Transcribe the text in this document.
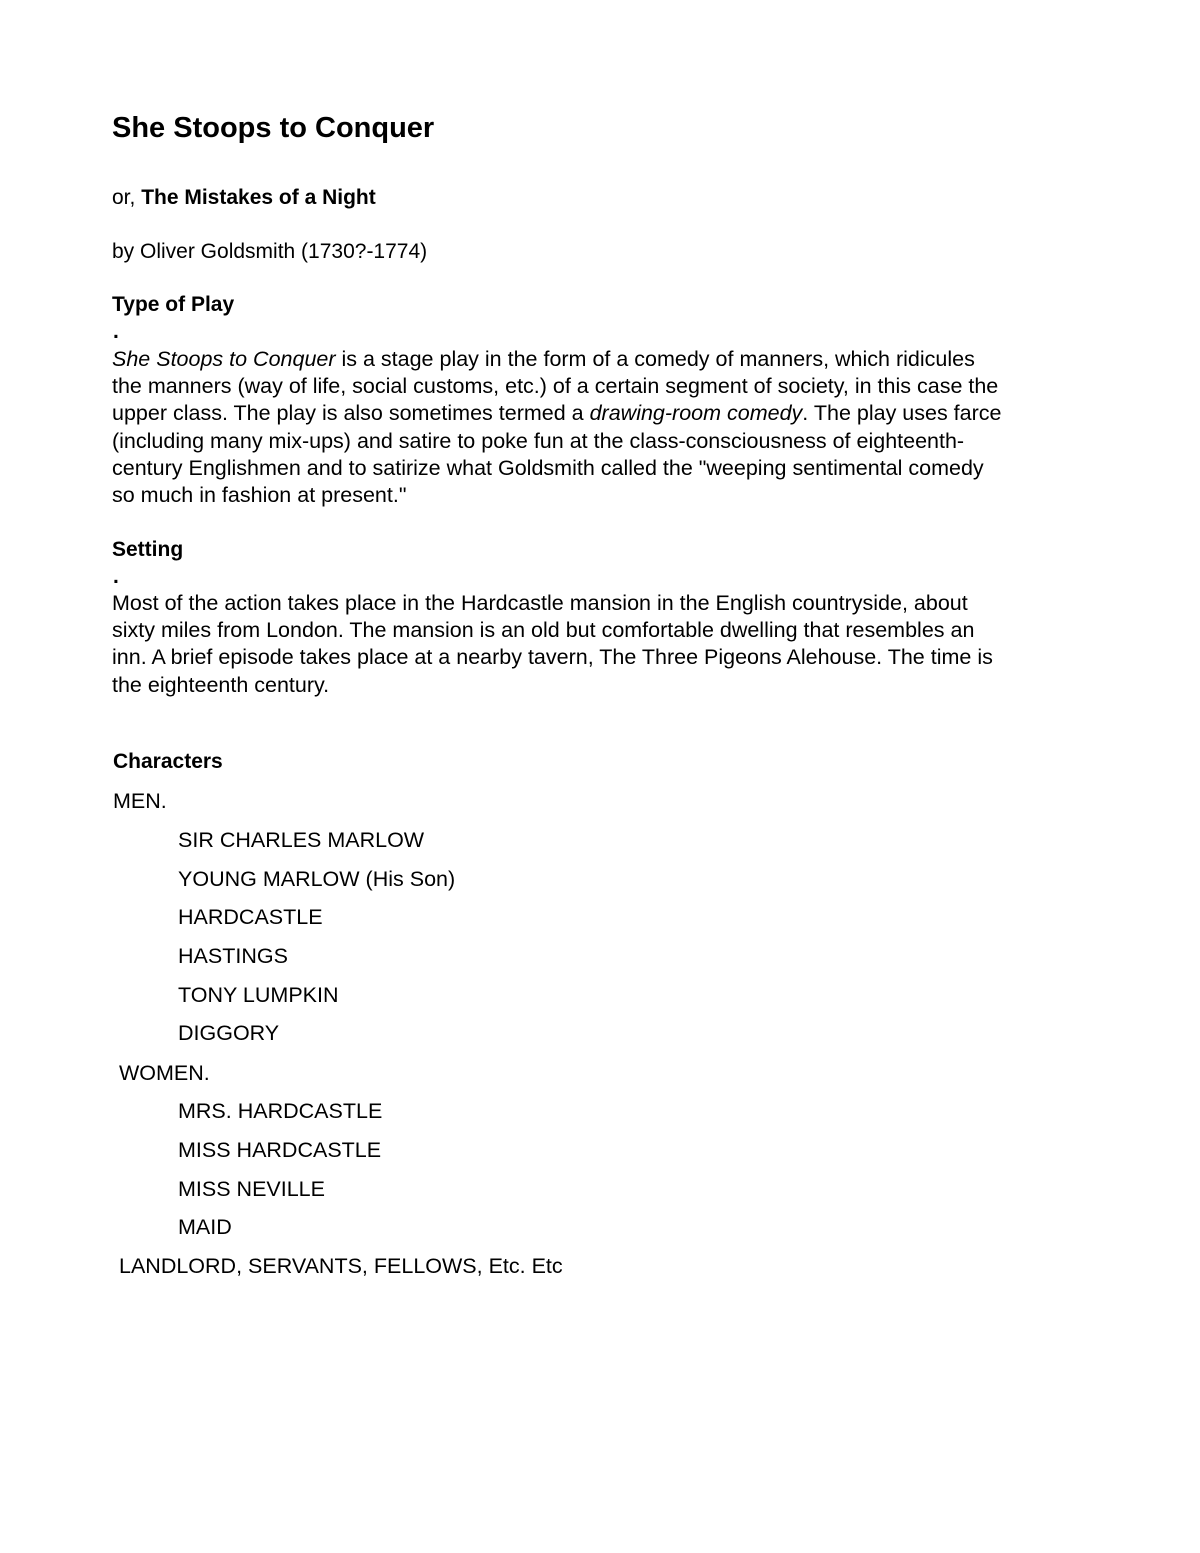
She Stoops to Conquer
or, The Mistakes of a Night
by Oliver Goldsmith (1730?-1774)
Type of Play
.
She Stoops to Conquer is a stage play in the form of a comedy of manners, which ridicules
the manners (way of life, social customs, etc.) of a certain segment of society, in this case the
upper class. The play is also sometimes termed a drawing-room comedy. The play uses farce
(including many mix-ups) and satire to poke fun at the class-consciousness of eighteenth-
century Englishmen and to satirize what Goldsmith called the "weeping sentimental comedy
so much in fashion at present."
Setting
.
Most of the action takes place in the Hardcastle mansion in the English countryside, about
sixty miles from London. The mansion is an old but comfortable dwelling that resembles an
inn. A brief episode takes place at a nearby tavern, The Three Pigeons Alehouse. The time is
the eighteenth century.
Characters
MEN.
SIR CHARLES MARLOW
YOUNG MARLOW (His Son)
HARDCASTLE
HASTINGS
TONY LUMPKIN
DIGGORY
WOMEN.
MRS. HARDCASTLE
MISS HARDCASTLE
MISS NEVILLE
MAID
LANDLORD, SERVANTS, FELLOWS, Etc. Etc
